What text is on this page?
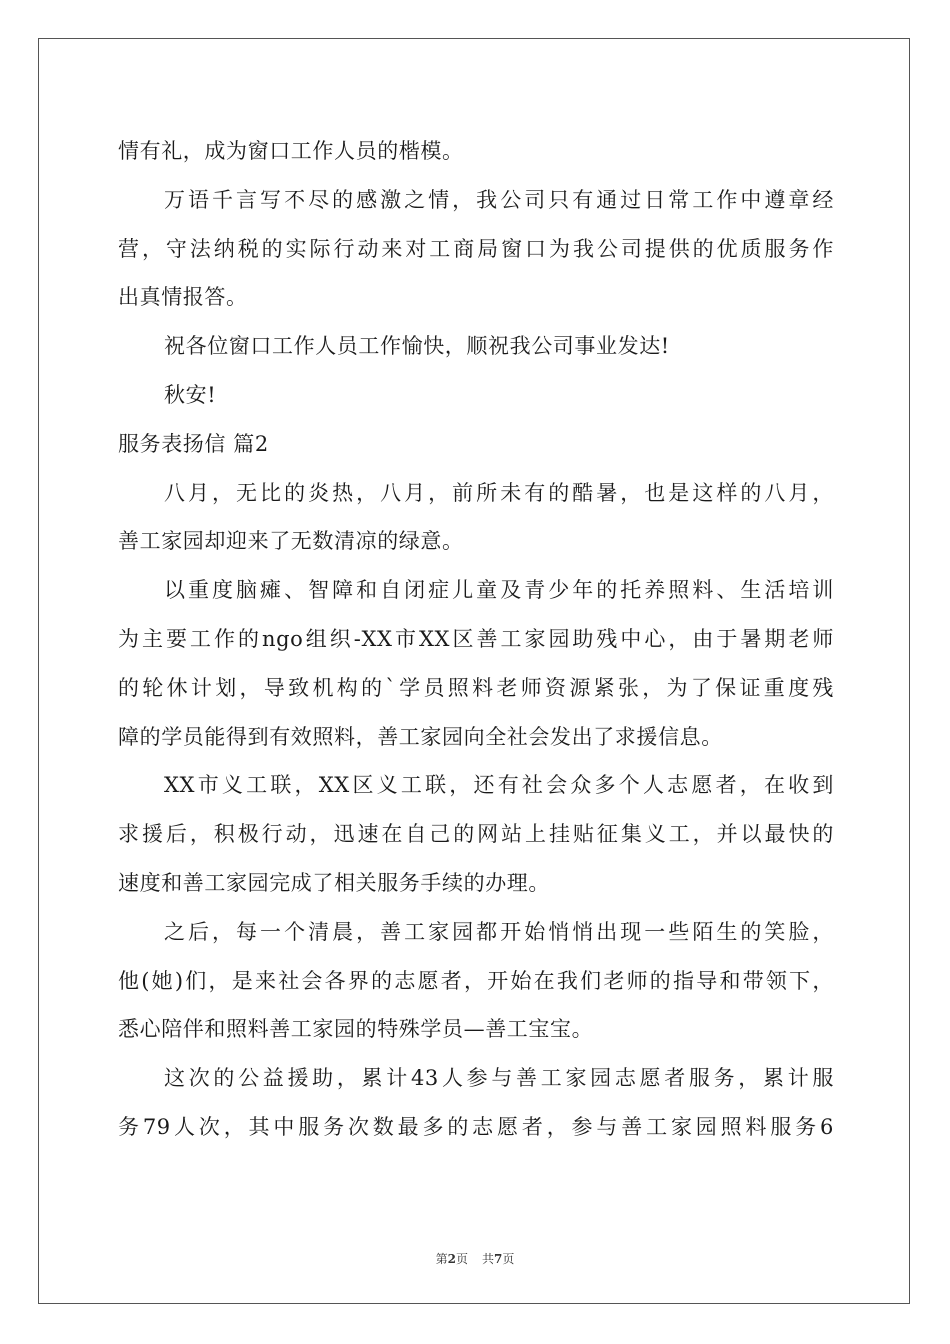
情有礼，成为窗口工作人员的楷模。
万语千言写不尽的感激之情，我公司只有通过日常工作中遵章经
营，守法纳税的实际行动来对工商局窗口为我公司提供的优质服务作
出真情报答。
祝各位窗口工作人员工作愉快，顺祝我公司事业发达!
秋安!
服务表扬信 篇2
八月，无比的炎热，八月，前所未有的酷暑，也是这样的八月，
善工家园却迎来了无数清凉的绿意。
以重度脑瘫、智障和自闭症儿童及青少年的托养照料、生活培训
为主要工作的ngo组织-XX市XX区善工家园助残中心，由于暑期老师
的轮休计划，导致机构的`学员照料老师资源紧张，为了保证重度残
障的学员能得到有效照料，善工家园向全社会发出了求援信息。
XX市义工联，XX区义工联，还有社会众多个人志愿者，在收到
求援后，积极行动，迅速在自己的网站上挂贴征集义工，并以最快的
速度和善工家园完成了相关服务手续的办理。
之后，每一个清晨，善工家园都开始悄悄出现一些陌生的笑脸，
他(她)们，是来社会各界的志愿者，开始在我们老师的指导和带领下，
悉心陪伴和照料善工家园的特殊学员—善工宝宝。
这次的公益援助，累计43人参与善工家园志愿者服务，累计服
务79人次，其中服务次数最多的志愿者，参与善工家园照料服务6
第2页 共7页
